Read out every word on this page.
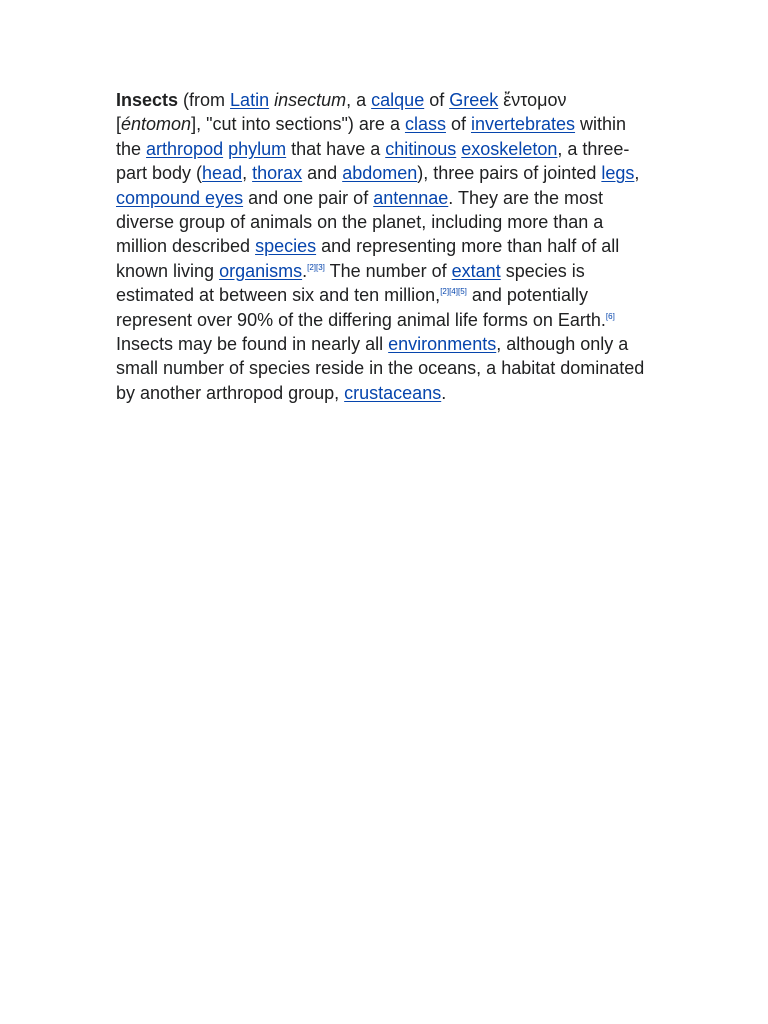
Insects (from Latin insectum, a calque of Greek ἔντομον [éntomon], "cut into sections") are a class of invertebrates within the arthropod phylum that have a chitinous exoskeleton, a three-part body (head, thorax and abdomen), three pairs of jointed legs, compound eyes and one pair of antennae. They are the most diverse group of animals on the planet, including more than a million described species and representing more than half of all known living organisms.[2][3] The number of extant species is estimated at between six and ten million,[2][4][5] and potentially represent over 90% of the differing animal life forms on Earth.[6] Insects may be found in nearly all environments, although only a small number of species reside in the oceans, a habitat dominated by another arthropod group, crustaceans.
